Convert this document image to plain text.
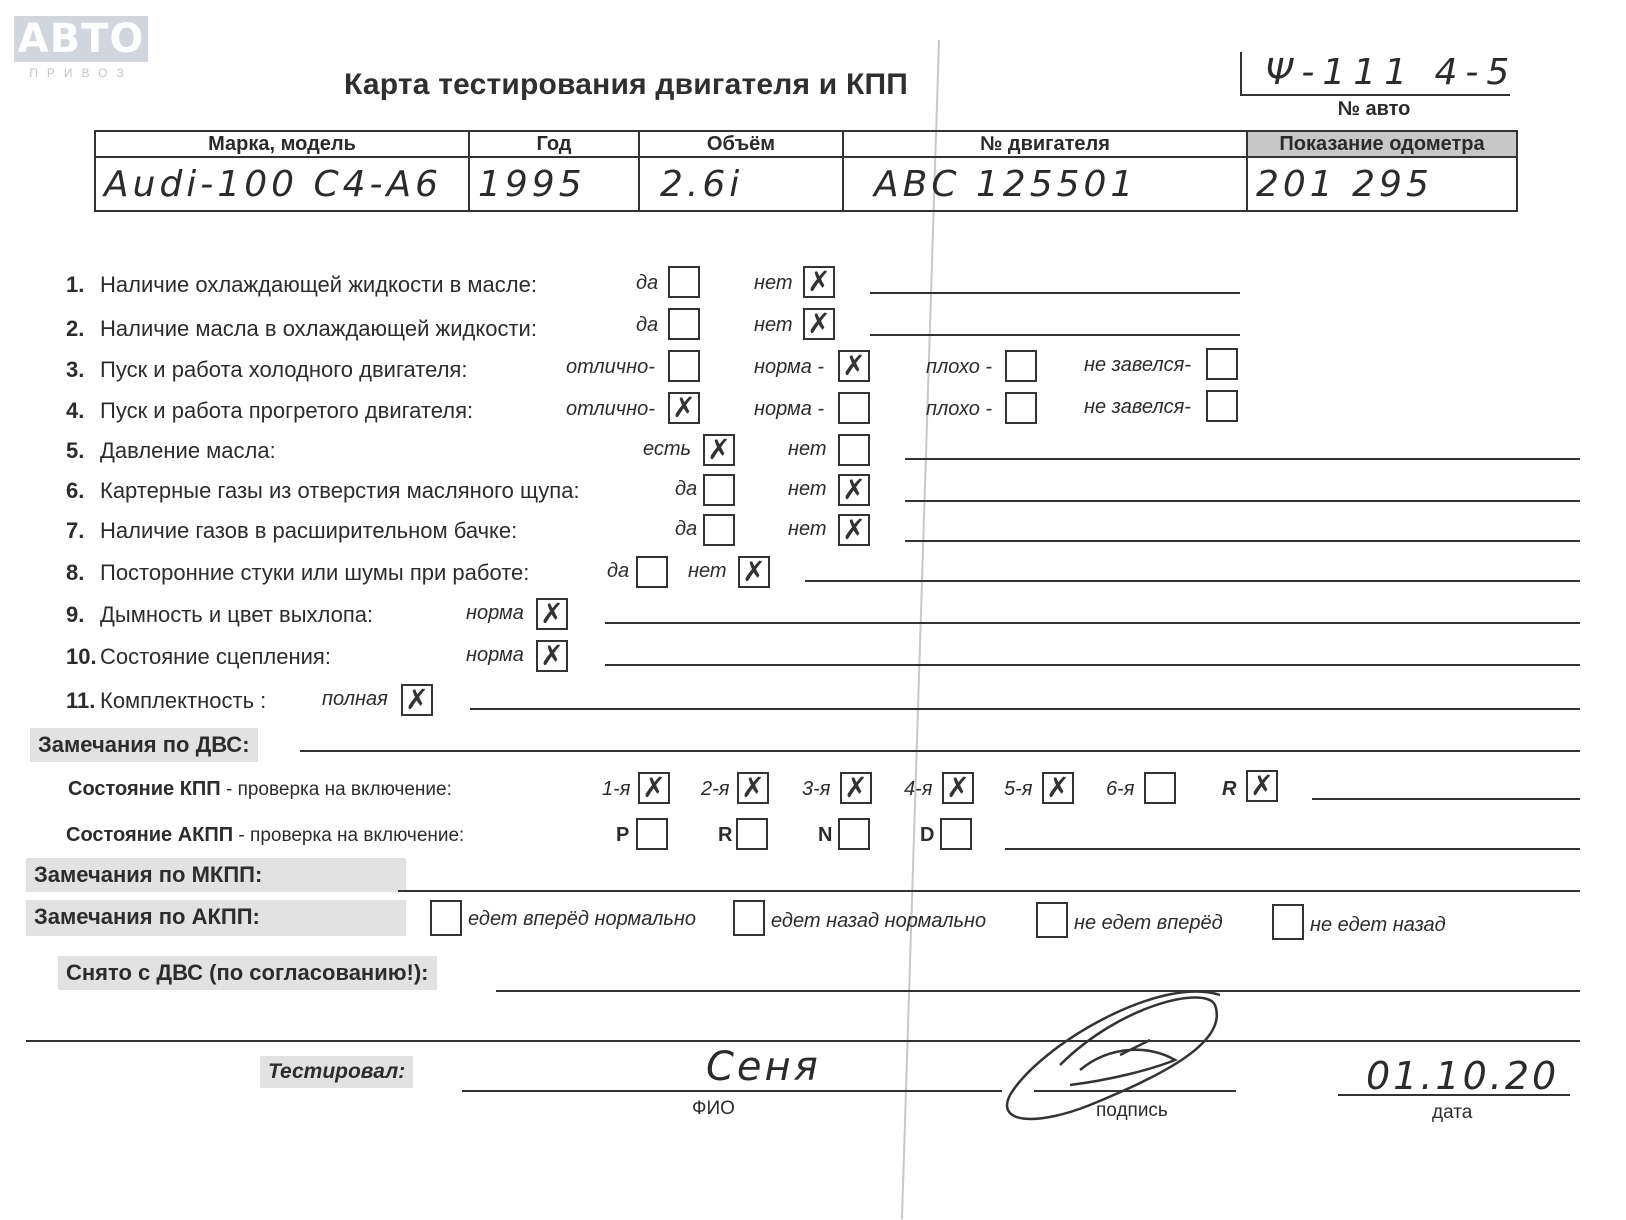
АВТО
ПРИВОЗ	Карта тестирования двигателя и КПП	Ψ-111 4-5
№ авто
Марка, модель	Год	Объём	№ двигателя	Показание одометра

Audi-100 C4-A6	1995	2.6i	ABC 125501	201 295
1. Наличие охлаждающей жидкости в масле:	да	нет ✗
2. Наличие масла в охлаждающей жидкости:	да	нет ✗
3. Пуск и работа холодного двигателя:	отлично-	норма - ✗	плохо -	не завелся-
4. Пуск и работа прогретого двигателя:	отлично- ✗	норма -	плохо -	не завелся-
5. Давление масла:	есть ✗	нет
6. Картерные газы из отверстия масляного щупа:	да	нет ✗
7. Наличие газов в расширительном бачке:	да	нет ✗
8. Посторонние стуки или шумы при работе:	да	нет ✗
9. Дымность и цвет выхлопа:	норма ✗
10. Состояние сцепления:	норма ✗
11. Комплектность :	полная ✗
Замечания по ДВС:
Состояние КПП - проверка на включение:	1-я ✗ 2-я ✗ 3-я ✗ 4-я ✗ 5-я ✗ 6-я	R ✗
Состояние АКПП - проверка на включение:	P	R	N	D
Замечания по МКПП:
Замечания по АКПП:	едет вперёд нормально	едет назад нормально	не едет вперёд	не едет назад
Снято с ДВС (по согласованию!):
Тестировал:	Сеня
ФИО	подпись
01.10.20
дата
